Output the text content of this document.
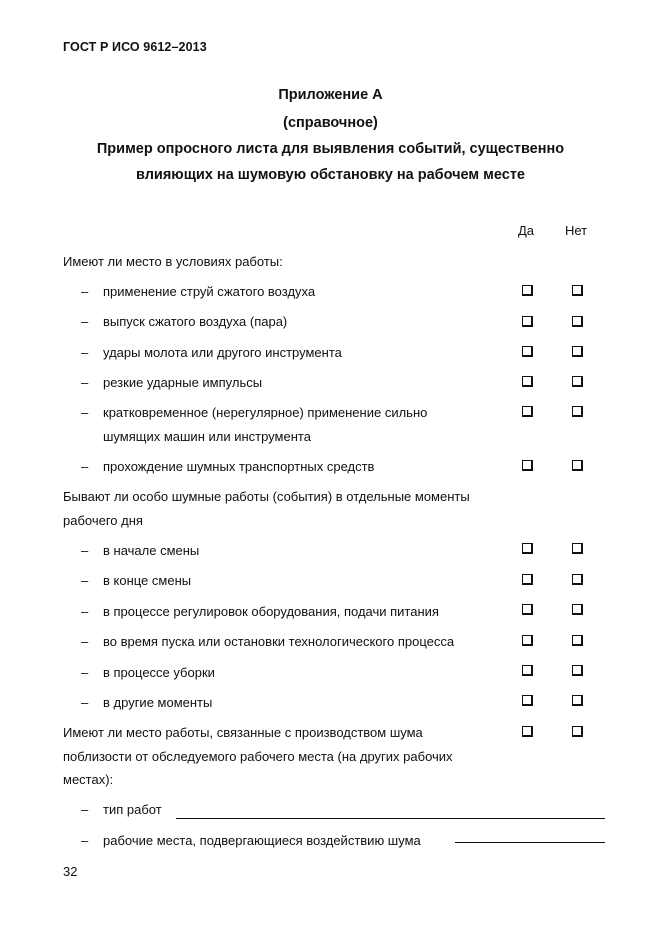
ГОСТ Р ИСО 9612–2013
Приложение А
(справочное)
Пример опросного листа для выявления событий, существенно
влияющих на шумовую обстановку на рабочем месте
Да Нет
Имеют ли место в условиях работы:
– применение струй сжатого воздуха
– выпуск сжатого воздуха (пара)
– удары молота или другого инструмента
– резкие ударные импульсы
– кратковременное (нерегулярное) применение сильно
шумящих машин или инструмента
– прохождение шумных транспортных средств
Бывают ли особо шумные работы (события) в отдельные моменты
рабочего дня
– в начале смены
– в конце смены
– в процессе регулировок оборудования, подачи питания
– во время пуска или остановки технологического процесса
– в процессе уборки
– в другие моменты
Имеют ли место работы, связанные с производством шума
поблизости от обследуемого рабочего места (на других рабочих
местах):
– тип работ
– рабочие места, подвергающиеся воздействию шума
32
